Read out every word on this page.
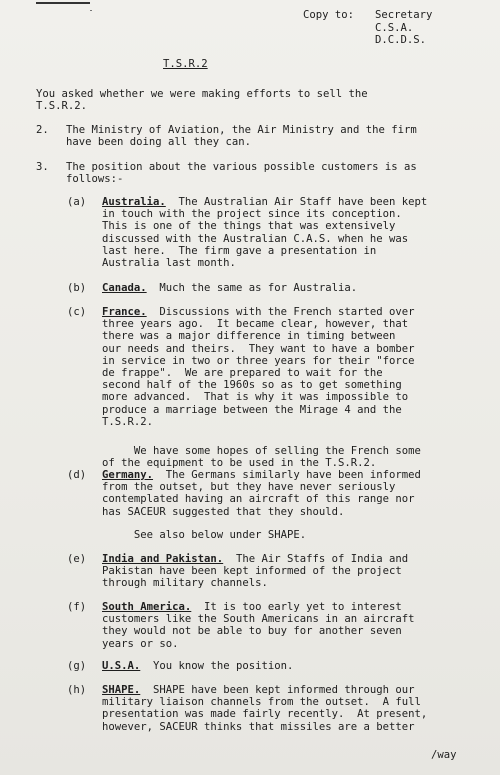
Copy to: Secretary
C.S.A.
D.C.D.S.
T.S.R.2
You asked whether we were making efforts to sell the
T.S.R.2.
2. The Ministry of Aviation, the Air Ministry and the firm
have been doing all they can.
3. The position about the various possible customers is as
follows:-
(a) Australia.  The Australian Air Staff have been kept
in touch with the project since its conception.
This is one of the things that was extensively
discussed with the Australian C.A.S. when he was
last here.  The firm gave a presentation in
Australia last month.
(b) Canada.  Much the same as for Australia.
(c) France.  Discussions with the French started over
three years ago.  It became clear, however, that
there was a major difference in timing between
our needs and theirs.  They want to have a bomber
in service in two or three years for their "force
de frappe".  We are prepared to wait for the
second half of the 1960s so as to get something
more advanced.  That is why it was impossible to
produce a marriage between the Mirage 4 and the
T.S.R.2.
We have some hopes of selling the French some
of the equipment to be used in the T.S.R.2.
(d) Germany.  The Germans similarly have been informed
from the outset, but they have never seriously
contemplated having an aircraft of this range nor
has SACEUR suggested that they should.
See also below under SHAPE.
(e) India and Pakistan.  The Air Staffs of India and
Pakistan have been kept informed of the project
through military channels.
(f) South America.  It is too early yet to interest
customers like the South Americans in an aircraft
they would not be able to buy for another seven
years or so.
(g) U.S.A.  You know the position.
(h) SHAPE.  SHAPE have been kept informed through our
military liaison channels from the outset.  A full
presentation was made fairly recently.  At present,
however, SACEUR thinks that missiles are a better
/way
